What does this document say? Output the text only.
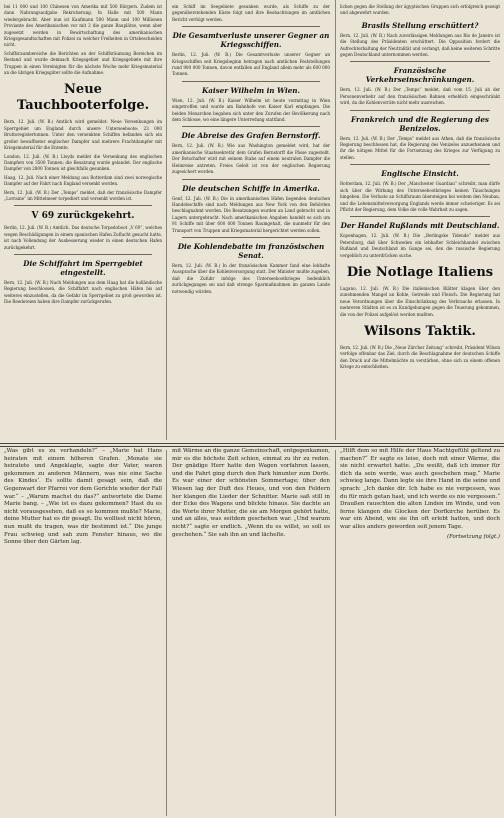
bei 11 000 und 100 Chinesen von Amerika mit 500 Bürgern. Zudem ist dann Nahrungsaufgabe Rekrutierung. In Halle mit 500 Mann wiedergebracht. Aber nun ist Kaufmann 500 Mann und 100 Millionen Proviante des Amerikanischen vor mit 2 die ganze Bauplätze, wenn aber zugesetzt werden in Bewirtschaftung des amerikanischen Kriegsgesandtschaften mit Polizei zu welcher Freiheiten in Ortsbescheiden nicht.

Schiffsraumbereiche die Berichten an der Schiffsräumung Bereichen im Bestand und wurde demnach Kriegsgebiet und Kriegsgebiete mit ihre Truppen in einen Vereinigten für die nächste Woche mehr Kriegsmaterial an die übrigen Kriegsgüter sollte die Aufnahme.

Neue Tauchbooterfolge.

Bern, 12. Juli. (W. B.) Amtlich wird gemeldet: Neue Versenkungen im Sperrgebiet um England durch unsere Unterseeboote: 23 000 Bruttoregistertonnen. Unter den versenkten Schiffen befanden sich ein großer bewaffneter englischer Dampfer und mehrere Frachtdampfer mit Kriegsmaterial für die Entente.

London, 12. Juli. (W. B.) Lloyds meldet die Versenkung des englischen Dampfers von 3500 Tonnen; die Besatzung wurde gelandet. Der englische Dampfer von 2800 Tonnen ist gleichfalls gesunken.

Haag, 12. Juli. Nach einer Meldung aus Rotterdam sind zwei norwegische Dampfer auf der Fahrt nach England versenkt worden.

Bern, 12. Juli. (W. B.) Der „Temps“ meldet, daß der französische Dampfer „Lorraine“ im Mittelmeer torpediert und versenkt worden ist.

V 69 zurückgekehrt.

Berlin, 12. Juli. (W. B.) Amtlich. Das deutsche Torpedoboot „V 69“, welches wegen Beschädigungen in einem spanischen Hafen Zuflucht gesucht hatte, ist nach Vollendung der Ausbesserung wieder in einen deutschen Hafen zurückgekehrt.

Die Schiffahrt im Sperrgebiet eingestellt.

Bern, 12. Juli. (W. B.) Nach Meldungen aus dem Haag hat die holländische Regierung beschlossen, die Schiffahrt nach englischen Häfen bis auf weiteres einzustellen, da die Gefahr im Sperrgebiet zu groß geworden ist. Die Reedereien haben ihre Dampfer zurückgerufen.

ein Schiff im Seegebiete gesunken wurde, als Schiffe zu der gegenüberstehenden Küste folgt und ihre Beobachtungen im amtlichen Bericht verfolgt werden.

Die Gesamtverluste unserer Gegner an Kriegsschiffen.

Berlin, 12. Juli. (W. B.) Die Gesamtverluste unserer Gegner an Kriegsschiffen seit Kriegsbeginn betragen nach amtlichen Feststellungen rund 900 000 Tonnen, davon entfallen auf England allein mehr als 600 000 Tonnen.

Kaiser Wilhelm in Wien.

Wien, 12. Juli. (W. B.) Kaiser Wilhelm ist heute vormittag in Wien eingetroffen und wurde am Bahnhofe von Kaiser Karl empfangen. Die beiden Monarchen begaben sich unter den Zurufen der Bevölkerung nach dem Schlosse, wo eine längere Unterredung stattfand.

Die Abreise des Grafen Bernstorff.

Bern, 12. Juli. (W. B.) Wie aus Washington gemeldet wird, hat der amerikanische Staatssekretär dem Grafen Bernstorff die Pässe zugestellt. Der Botschafter wird mit seinem Stabe auf einem neutralen Dampfer die Heimreise antreten. Freies Geleit ist von der englischen Regierung zugesichert worden.

Die deutschen Schiffe in Amerika.

Genf, 12. Juli. (W. B.) Die in amerikanischen Häfen liegenden deutschen Handelsschiffe sind nach Meldungen aus New York von den Behörden beschlagnahmt worden. Die Besatzungen wurden an Land gebracht und in Lagern untergebracht. Nach amerikanischen Angaben handelt es sich um 91 Schiffe mit über 600 000 Tonnen Raumgehalt, die nunmehr für den Transport von Truppen und Kriegsmaterial hergerichtet werden sollen.

Die Kohlendebatte im französischen Senat.

Bern, 12. Juli. (W. B.) In der französischen Kammer fand eine lebhafte Aussprache über die Kohlenversorgung statt. Der Minister mußte zugeben, daß die Zufuhr infolge des Unterseebootkrieges bedenklich zurückgegangen sei und daß strenge Sparmaßnahmen im ganzen Lande notwendig würden.

lichen gegen die Stellung der ägyptischen Gruppen sich erfolgreich gezeigt und abgewehrt wurden.

Brasils Stellung erschüttert?

Bern, 12. Juli. (W. B.) Nach zuverlässigen Meldungen aus Rio de Janeiro ist die Stellung des Präsidenten erschüttert. Die Opposition fordert die Aufrechterhaltung der Neutralität und verlangt, daß keine weiteren Schritte gegen Deutschland unternommen werden.

Französische Verkehrseinschränkungen.

Bern, 12. Juli. (W. B.) Der „Temps“ meldet, daß vom 15. Juli ab der Personenverkehr auf den französischen Bahnen erheblich eingeschränkt wird, da die Kohlenvorräte nicht mehr ausreichen.

Frankreich und die Regierung des Benizelos.

Bern, 12. Juli. (W. B.) Der „Temps“ meldet aus Athen, daß die französische Regierung beschlossen hat, die Regierung des Venizelos anzuerkennen und ihr die nötigen Mittel für die Fortsetzung des Krieges zur Verfügung zu stellen.

Englische Einsicht.

Rotterdam, 12. Juli. (W. B.) Der „Manchester Guardian“ schreibt, man dürfe sich über die Wirkung des Unterseebootkrieges keinen Täuschungen hingeben. Die Verluste an Schiffsraum übersteigen bei weitem den Neubau, und die Lebensmittelversorgung Englands werde immer schwieriger. Es sei Pflicht der Regierung, dem Volke die volle Wahrheit zu sagen.

Der Handel Rußlands mit Deutschland.

Kopenhagen, 12. Juli. (W. B.) Die „Berlingske Tidende“ meldet aus Petersburg, daß über Schweden ein lebhafter Schleichhandel zwischen Rußland und Deutschland im Gange sei, den die russische Regierung vergeblich zu unterdrücken suche.

Die Notlage Italiens

Lugano, 12. Juli. (W. B.) Die italienischen Blätter klagen über den zunehmenden Mangel an Kohle, Getreide und Fleisch. Die Regierung hat neue Verordnungen über die Einschränkung des Verbrauchs erlassen. In mehreren Städten ist es zu Kundgebungen gegen die Teuerung gekommen, die von der Polizei aufgelöst werden mußten.

Wilsons Taktik.

Bern, 12. Juli. (W. B.) Die „Neue Zürcher Zeitung“ schreibt, Präsident Wilson verfolge offenbar das Ziel, durch die Beschlagnahme der deutschen Schiffe den Druck auf die Mittelmächte zu verstärken, ohne sich zu einem offenen Kriege zu entschließen.

„Was gibt es zu verhandeln?“ – „Marie hat Hans heiraten mit einem höheren Grafen. ‚Monate sie heiratete und Angeklagte, sagte der Vater, waren gekommen zu anderen Männern, was nie eine Sache des Kindes‘. Es sollte damit gesagt sein, daß die Gegenwart der Pfarrei vor dem Gerichte wieder der Fall war.“ – „Warum machst du das?“ antwortete die Dame Marie bang. – „Wie ist es dazu gekommen? Hast du es nicht vorausgesehen, daß es so kommen mußte? Marie, deine Mutter hat es dir gesagt. Du wolltest nicht hören, nun mußt du tragen, was dir bestimmt ist.“ Die junge Frau schwieg und sah zum Fenster hinaus, wo die Sonne über den Gärten lag.

mit Wärme an die ganze Gemeinschaft, entgegenkamen, mir es die höchste Zeit schien, einmal zu ihr zu reden. Der gnädige Herr hatte den Wagen vorfahren lassen, und die Fahrt ging durch den Park hinunter zum Dorfe. Es war einer der schönsten Sommertage; über den Wiesen lag der Duft des Heues, und von den Feldern her klangen die Lieder der Schnitter. Marie saß still in der Ecke des Wagens und blickte hinaus. Sie dachte an die Worte ihrer Mutter, die sie am Morgen gehört hatte, und an alles, was seitdem geschehen war. „Und warum nicht?“ sagte er endlich. „Wenn du es willst, so soll es geschehen.“ Sie sah ihn an und lächelte.

„Hilft dem so mit Hilfe der Haus Machtgefühl geltend zu machen?“ Er sagte es leise, doch mit einer Wärme, die sie nicht erwartet hatte. „Du weißt, daß ich immer für dich da sein werde, was auch geschehen mag.“ Marie schwieg lange. Dann legte sie ihre Hand in die seine und sprach: „Ich danke dir. Ich habe es nie vergessen, was du für mich getan hast, und ich werde es nie vergessen.“ Draußen rauschten die alten Linden im Winde, und von ferne klangen die Glocken der Dorfkirche herüber. Es war ein Abend, wie sie ihn oft erlebt hatten, und doch war alles anders geworden seit jenem Tage.

(Fortsetzung folgt.)
